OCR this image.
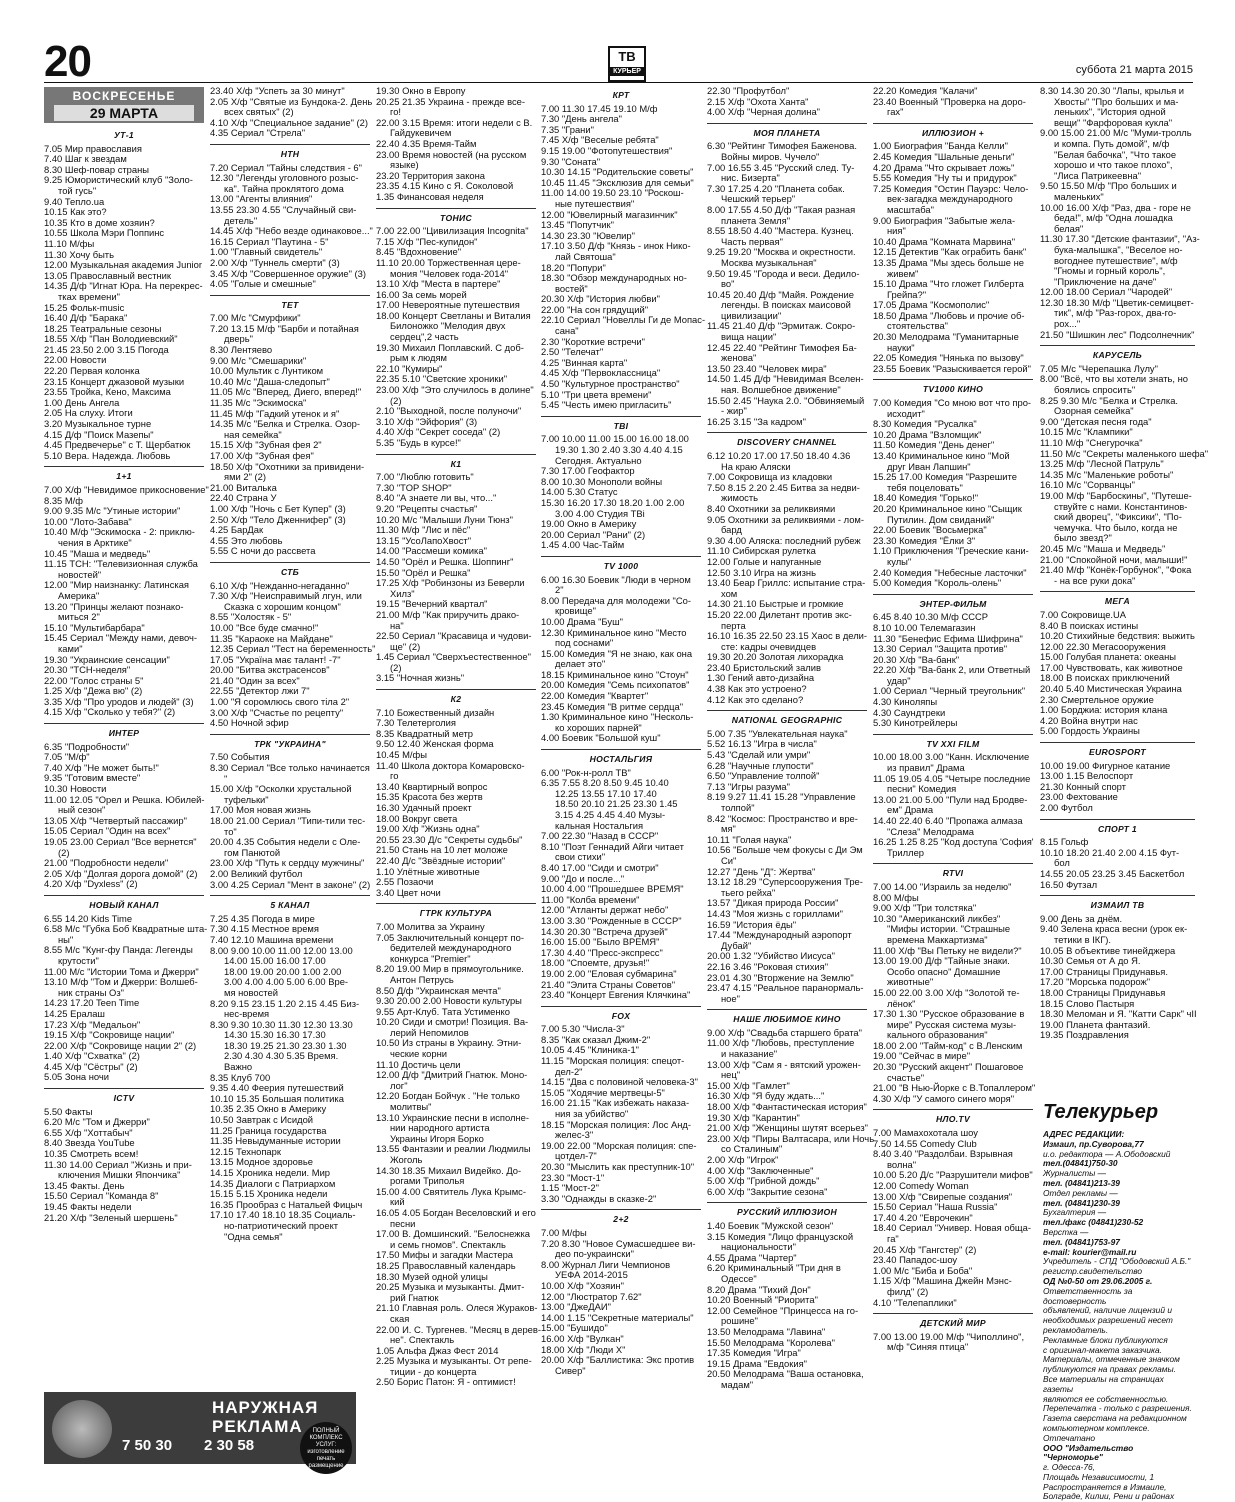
20	ТВ
КУРЬЕР	суббота 21 марта 2015
ВОСКРЕСЕНЬЕ
29 МАРТА
УТ-1
7.05 Мир православия
7.40 Шаг к звездам
8.30 Шеф-повар страны
9.25 Юмористический клуб "Золо-
той гусь"
9.40 Тепло.ua
10.15 Как это?
10.35 Кто в доме хозяин?
10.55 Школа Мэри Поппинс
11.10 М/фы
11.30 Хочу быть
12.00 Музыкальная академия Junior
13.05 Православный вестник
14.35 Д/ф "Игнат Юра. На перекрес-
тках времени"
15.25 Фольк-music
16.40 Д/ф "Барака"
18.25 Театральные сезоны
18.55 Х/ф "Пан Володиевский"
21.45 23.50 2.00 3.15 Погода
22.00 Новости
22.20 Первая колонка
23.15 Концерт джазовой музыки
23.55 Тройка, Кено, Максима
1.00 День Ангела
2.05 На слуху. Итоги
3.20 Музыкальное турне
4.15 Д/ф "Поиск Мазепы"
4.45 Предвечерье" с Т. Щербатюк
5.10 Вера. Надежда. Любовь
1+1
7.00 Х/ф "Невидимое прикосновение"
8.35 М/ф
9.00 9.35 М/с "Утиные истории"
10.00 "Лото-Забава"
10.40 М/ф "Эскимоска - 2: приклю-
чения в Арктике"
10.45 "Маша и медведь"
11.15 ТСН: "Телевизионная служба
новостей"
12.00 "Мир наизнанку: Латинская
Америка"
13.20 "Принцы желают познако-
миться 2"
15.10 "Мультибарбара"
15.45 Сериал "Между нами, девоч-
ками"
19.30 "Украинские сенсации"
20.30 "ТСН-неделя"
22.00 "Голос страны 5"
1.25 Х/ф "Дежа вю" (2)
3.35 Х/ф "Про уродов и людей" (3)
4.15 Х/ф "Сколько у тебя?" (2)
ИНТЕР
6.35 "Подробности"
7.05 "М/ф"
7.40 Х/ф "Не может быть!"
9.35 "Готовим вместе"
10.30 Новости
11.00 12.05 "Орел и Решка. Юбилей-
ный сезон"
13.05 Х/ф "Четвертый пассажир"
15.05 Сериал "Один на всех"
19.05 23.00 Сериал "Все вернется"
(2)
21.00 "Подробности недели"
2.05 Х/ф "Долгая дорога домой" (2)
4.20 Х/ф "Dyxless" (2)
НОВЫЙ КАНАЛ
6.55 14.20 Kids Time
6.58 М/с "Губка Боб Квадратные шта-
ны"
8.55 М/с "Кунг-фу Панда: Легенды
крутости"
11.00 М/с "Истории Тома и Джерри"
13.10 М/ф "Том и Джерри: Волшеб-
ник страны Оз"
14.23 17.20 Teen Time
14.25 Ералаш
17.23 Х/ф "Медальон"
19.15 Х/ф "Сокровище нации"
22.00 Х/ф "Сокровище нации 2" (2)
1.40 Х/ф "Схватка" (2)
4.45 Х/ф "Сёстры" (2)
5.05 Зона ночи
ICTV
5.50 Факты
6.20 М/с "Том и Джерри"
6.55 Х/ф "Хоттабыч"
8.40 Звезда YouTube
10.35 Смотреть всем!
11.30 14.00 Сериал "Жизнь и при-
ключения Мишки Япончика"
13.45 Факты. День
15.50 Сериал "Команда 8"
19.45 Факты недели
21.20 Х/ф "Зеленый шершень"
23.40 Х/ф "Успеть за 30 минут"
2.05 Х/ф "Святые из Бундока-2. День
всех святых" (2)
4.10 Х/ф "Специальное задание" (2)
4.35 Сериал "Стрела"
НТН
7.20 Сериал "Тайны следствия - 6"
12.30 "Легенды уголовного розыс-
ка". Тайна проклятого дома
13.00 "Агенты влияния"
13.55 23.30 4.55 "Случайный сви-
детель"
14.45 Х/ф "Небо везде одинаковое..."
16.15 Сериал "Паутина - 5"
1.00 "Главный свидетель"
2.00 Х/ф "Туннель смерти" (3)
3.45 Х/ф "Совершенное оружие" (3)
4.05 "Голые и смешные"
ТЕТ
7.00 М/с "Смурфики"
7.20 13.15 М/ф "Барби и потайная
дверь"
8.30 Лентяево
9.00 М/с "Смешарики"
10.00 Мультик с Лунтиком
10.40 М/с "Даша-следопыт"
11.05 М/с "Вперед, Диего, вперед!"
11.35 М/с "Эскимоска"
11.45 М/ф "Гадкий утенок и я"
14.35 М/с "Белка и Стрелка. Озор-
ная семейка"
15.15 Х/ф "Зубная фея 2"
17.00 Х/ф "Зубная фея"
18.50 Х/ф "Охотники за привидени-
ями 2" (2)
21.00 Виталька
22.40 Страна У
1.00 Х/ф "Ночь с Бет Купер" (3)
2.50 Х/ф "Тело Дженнифер" (3)
4.25 БарДак
4.55 Это любовь
5.55 С ночи до рассвета
СТБ
6.10 Х/ф "Нежданно-негаданно"
7.30 Х/ф "Неисправимый лгун, или
Сказка с хорошим концом"
8.55 "Холостяк - 5"
10.00 "Все буде смачно!"
11.35 "Караоке на Майдане"
12.35 Сериал "Тест на беременность"
17.05 "Україна має талант! -7"
20.00 "Битва экстрасенсов"
21.40 "Один за всех"
22.55 "Детектор лжи 7"
1.00 "Я соромлюсь свого тіла 2"
3.00 Х/ф "Счастье по рецепту"
4.50 Ночной эфир
ТРК "УКРАИНА"
7.50 События
8.30 Сериал "Все только начинается
"
15.00 Х/ф "Осколки хрустальной
туфельки"
17.00 Моя новая жизнь
18.00 21.00 Сериал "Типи-тили тес-
то"
20.00 4.35 События недели с Оле-
гом Панютой
23.00 Х/ф "Путь к сердцу мужчины"
2.00 Великий футбол
3.00 4.25 Сериал "Мент в законе" (2)
5 КАНАЛ
7.25 4.35 Погода в мире
7.30 4.15 Местное время
7.40 12.10 Машина времени
8.00 9.00 10.00 11.00 12.00 13.00
14.00 15.00 16.00 17.00
18.00 19.00 20.00 1.00 2.00
3.00 4.00 4.00 5.00 6.00 Вре-
мя новостей
8.20 9.15 23.15 1.20 2.15 4.45 Биз-
нес-время
8.30 9.30 10.30 11.30 12.30 13.30
14.30 15.30 16.30 17.30
18.30 19.25 21.30 23.30 1.30
2.30 4.30 4.30 5.35 Время.
Важно
8.35 Клуб 700
9.35 4.40 Феерия путешествий
10.10 15.35 Большая политика
10.35 2.35 Окно в Америку
10.50 Завтрак с Исидой
11.25 Граница государства
11.35 Невыдуманные истории
12.15 Технопарк
13.15 Модное здоровье
14.15 Хроника недели. Мир
14.35 Диалоги с Патриархом
15.15 5.15 Хроника недели
16.35 Прообраз с Натальей Фицыч
17.10 17.40 18.10 18.35 Социаль-
но-патриотический проект
"Одна семья"
19.30 Окно в Европу
20.25 21.35 Украина - прежде все-
го!
22.00 3.15 Время: итоги недели с В.
Гайдукевичем
22.40 4.35 Время-Тайм
23.00 Время новостей (на русском
языке)
23.20 Территория закона
23.35 4.15 Кино с Я. Соколовой
1.35 Финансовая неделя
ТОНИС
7.00 22.00 "Цивилизация Incognita"
7.15 Х/ф "Пес-купидон"
8.45 "Вдохновение"
11.10 20.00 Торжественная цере-
мония "Человек года-2014"
13.10 Х/ф "Места в партере"
16.00 За семь морей
17.00 Невероятные путешествия
18.00 Концерт Светланы и Виталия
Билоножко "Мелодия двух
сердец",2 часть
19.30 Михаил Поплавский. С доб-
рым к людям
22.10 "Кумиры"
22.35 5.10 "Светские хроники"
23.00 Х/ф "Это случилось в долине"
(2)
2.10 "Выходной, после полуночи"
3.10 Х/ф "Эйфория" (3)
4.40 Х/ф "Секрет соседа" (2)
5.35 "Будь в курсе!"
К1
7.00 "Люблю готовить"
7.30 "TOP SHOP"
8.40 "А знаете ли вы, что..."
9.20 "Рецепты счастья"
10.20 М/с "Малыши Луни Тюнз"
11.30 М/ф "Лис и пёс"
13.15 "УсоЛапоХвост"
14.00 "Рассмеши комика"
14.50 "Орёл и Решка. Шоппинг"
15.50 "Орёл и Решка"
17.25 Х/ф "Робинзоны из Беверли
Хилз"
19.15 "Вечерний квартал"
21.00 М/ф "Как приручить драко-
на"
22.50 Сериал "Красавица и чудови-
ще" (2)
1.45 Сериал "Сверхъестественное"
(2)
3.15 "Ночная жизнь"
К2
7.10 Божественный дизайн
7.30 Телетерголия
8.35 Квадратный метр
9.50 12.40 Женская форма
10.45 М/фы
11.40 Школа доктора Комаровско-
го
13.40 Квартирный вопрос
15.35 Красота без жертв
16.30 Удачный проект
18.00 Вокруг света
19.00 Х/ф "Жизнь одна"
20.55 23.30 Д/с "Секреты судьбы"
21.50 Стань на 10 лет моложе
22.40 Д/с "Звёздные истории"
1.10 Улётные животные
2.55 Позаочи
3.40 Цвет ночи
ГТРК КУЛЬТУРА
7.00 Молитва за Украину
7.05 Заключительный концерт по-
бедителей международного
конкурса "Premier"
8.20 19.00 Мир в прямоугольнике.
Антон Петрусь
8.50 Д/ф "Украинская мечта"
9.30 20.00 2.00 Новости культуры
9.55 Арт-Клуб. Тата Устименко
10.20 Сиди и смотри! Позиция. Ва-
лерий Непомилов
10.50 Из страны в Украину. Этни-
ческие корни
11.10 Достичь цели
12.00 Д/ф "Дмитрий Гнатюк. Моно-
лог"
12.20 Богдан Бойчук . "Не только
молитвы"
13.10 Украинские песни в исполне-
нии народного артиста
Украины Игоря Борко
13.55 Фантазии и реалии Людмилы
Жоголь
14.30 18.35 Михаил Видейко. До-
рогами Триполья
15.00 4.00 Святитель Лука Крымс-
кий
16.05 4.05 Богдан Веселовский и его
песни
17.00 В. Домшинский. "Белоснежка
и семь гномов". Спектакль
17.50 Мифы и загадки Мастера
18.25 Православный календарь
18.30 Музей одной улицы
20.25 Музыка и музыканты. Дмит-
рий Гнатюк
21.10 Главная роль. Олеся Жураков-
ская
22.00 И. С. Тургенев. "Месяц в дерев-
не". Спектакль
1.05 Альфа Джаз Фест 2014
2.25 Музыка и музыканты. От репе-
тиции - до концерта
2.50 Борис Патон: Я - оптимист!
КРТ
7.00 11.30 17.45 19.10 М/ф
7.30 "День ангела"
7.35 "Грани"
7.45 Х/ф "Веселые ребята"
9.15 19.00 "Фотопутешествия"
9.30 "Соната"
10.30 14.15 "Родительские советы"
10.45 11.45 "Эксклюзив для семьи"
11.00 14.00 19.50 23.10 "Роскош-
ные путешествия"
12.00 "Ювелирный магазинчик"
13.45 "Попутчик"
14.30 23.30 "Ювелир"
17.10 3.50 Д/ф "Князь - инок Нико-
лай Святоша"
18.20 "Попури"
18.30 "Обзор международных но-
востей"
20.30 Х/ф "История любви"
22.00 "На сон грядущий"
22.10 Сериал "Новеллы Ги де Мопас-
сана"
2.30 "Короткие встречи"
2.50 "Телечат"
4.25 "Винная карта"
4.45 Х/ф "Первоклассница"
4.50 "Культурное пространство"
5.10 "Три цвета времени"
5.45 "Честь имею пригласить"
TBI
7.00 10.00 11.00 15.00 16.00 18.00
19.30 1.30 2.40 3.30 4.40 4.15
Сегодня. Актуально
7.30 17.00 Геофактор
8.00 10.30 Монополи войны
14.00 5.30 Статус
15.30 16.20 17.30 18.20 1.00 2.00
3.00 4.00 Студия TBi
19.00 Окно в Америку
20.00 Сериал "Рани" (2)
1.45 4.00 Час-Тайм
TV 1000
6.00 16.30 Боевик "Люди в черном
2"
8.00 Передача для молодежи "Со-
кровище"
10.00 Драма "Буш"
12.30 Криминальное кино "Место
под соснами"
15.00 Комедия "Я не знаю, как она
делает это"
18.15 Криминальное кино "Стоун"
20.00 Комедия "Семь психопатов"
22.00 Комедия "Квартет"
23.45 Комедия "В ритме сердца"
1.30 Криминальное кино "Несколь-
ко хороших парней"
4.00 Боевик "Большой куш"
НОСТАЛЬГИЯ
6.00 "Рок-н-ролл ТВ"
6.35 7.55 8.20 8.50 9.45 10.40
12.25 13.55 17.10 17.40
18.50 20.10 21.25 23.30 1.45
3.15 4.25 4.45 4.40 Музы-
кальная Ностальгия
7.00 22.30 "Назад в СССР"
8.10 "Поэт Геннадий Айги читает
свои стихи"
8.40 17.00 "Сиди и смотри"
9.00 "До и после..."
10.00 4.00 "Прошедшее ВРЕМЯ"
11.00 "Колба времени"
12.00 "Атланты держат небо"
13.00 3.30 "Рожденные в СССР"
14.30 20.30 "Встреча друзей"
16.00 15.00 "Было ВРЕМЯ"
17.30 4.40 "Пресс-экспресс"
18.00 "Споемте, друзья!"
19.00 2.00 "Еловая субмарина"
21.40 "Элита Страны Советов"
23.40 "Концерт Евгения Клячкина"
FOX
7.00 5.30 "Числа-3"
8.35 "Как сказал Джим-2"
10.05 4.45 "Клиника-1"
11.15 "Морская полиция: спецот-
дел-2"
14.15 "Два с половиной человека-3"
15.05 "Ходячие мертвецы-5"
16.00 21.15 "Как избежать наказа-
ния за убийство"
18.15 "Морская полиция: Лос Анд-
желес-3"
19.00 22.00 "Морская полиция: спе-
цотдел-7"
20.30 "Мыслить как преступник-10"
23.30 "Мост-1"
1.15 "Мост-2"
3.30 "Однажды в сказке-2"
2+2
7.00 М/фы
7.20 8.30 "Новое Сумасшедшее ви-
део по-украински"
8.00 Журнал Лиги Чемпионов
УЕФА 2014-2015
10.00 Х/ф "Хозяин"
12.00 "Люстратор 7.62"
13.00 "ДжеДАИ"
14.00 1.15 "Секретные материалы"
15.00 "Бушидо"
16.00 Х/ф "Вулкан"
18.00 Х/ф "Люди Х"
20.00 Х/ф "Баллистика: Экс против
Сивер"
22.30 "Профутбол"
2.15 Х/ф "Охота Ханта"
4.00 Х/ф "Черная долина"
МОЯ ПЛАНЕТА
6.30 "Рейтинг Тимофея Баженова.
Войны миров. Чучело"
7.00 16.55 3.45 "Русский след. Ту-
нис. Бизерта"
7.30 17.25 4.20 "Планета собак.
Чешский терьер"
8.00 17.55 4.50 Д/ф "Такая разная
планета Земля"
8.55 18.50 4.40 "Мастера. Кузнец.
Часть первая"
9.25 19.20 "Москва и окрестности.
Москва музыкальная"
9.50 19.45 "Города и веси. Дедило-
во"
10.45 20.40 Д/ф "Майя. Рождение
легенды. В поисках маисовой
цивилизации"
11.45 21.40 Д/ф "Эрмитаж. Сокро-
вища нации"
12.45 22.40 "Рейтинг Тимофея Ба-
женова"
13.50 23.40 "Человек мира"
14.50 1.45 Д/ф "Невидимая Вселен-
ная. Волшебное движение"
15.50 2.45 "Наука 2.0. "Обвиняемый
- жир"
16.25 3.15 "За кадром"
DISCOVERY CHANNEL
6.12 10.20 17.00 17.50 18.40 4.36
На краю Аляски
7.00 Сокровища из кладовки
7.50 8.15 2.20 2.45 Битва за недви-
жимость
8.40 Охотники за реликвиями
9.05 Охотники за реликвиями - лом-
бард
9.30 4.00 Аляска: последний рубеж
11.10 Сибирская рулетка
12.00 Голые и напуганные
12.50 3.10 Игра на жизнь
13.40 Беар Гриллс: испытание стра-
хом
14.30 21.10 Быстрые и громкие
15.20 22.00 Дилетант против экс-
перта
16.10 16.35 22.50 23.15 Хаос в дели-
сте: кадры очевидцев
19.30 20.20 Золотая лихорадка
23.40 Бристольский залив
1.30 Гений авто-дизайна
4.38 Как это устроено?
4.12 Как это сделано?
NATIONAL GEOGRAPHIC
5.00 7.35 "Увлекательная наука"
5.52 16.13 "Игра в числа"
5.43 "Сделай или умри"
6.28 "Научные глупости"
6.50 "Управление толпой"
7.13 "Игры разума"
8.19 9.27 11.41 15.28 "Управление
толпой"
8.42 "Космос: Пространство и вре-
мя"
10.11 "Голая наука"
10.56 "Больше чем фокусы с Ди Эм
Си"
12.27 "День "Д": Жертва"
13.12 18.29 "Суперсооружения Тре-
тьего рейха"
13.57 "Дикая природа России"
14.43 "Моя жизнь с гориллами"
16.59 "История ёды"
17.44 "Международный аэропорт
Дубай"
20.00 1.32 "Убийство Иисуса"
22.16 3.46 "Роковая стихия"
23.01 4.30 "Вторжение на Землю"
23.47 4.15 "Реальное паранормаль-
ное"
НАШЕ ЛЮБИМОЕ КИНО
9.00 Х/ф "Свадьба старшего брата"
11.00 Х/ф "Любовь, преступление
и наказание"
13.00 Х/ф "Сам я - вятский урожен-
нец"
15.00 Х/ф "Гамлет"
16.30 Х/ф "Я буду ждать..."
18.00 Х/ф "Фантастическая история"
19.30 Х/ф "Карантин"
21.00 Х/ф "Женщины шутят всерьез"
23.00 Х/ф "Пиры Валтасара, или Ночь
со Сталиным"
2.00 Х/ф "Игрок"
4.00 Х/ф "Заключенные"
5.00 Х/ф "Грибной дождь"
6.00 Х/ф "Закрытие сезона"
РУССКИЙ ИЛЛЮЗИОН
1.40 Боевик "Мужской сезон"
3.15 Комедия "Лицо французской
национальности"
4.55 Драма "Чартер"
6.20 Криминальный "Три дня в
Одессе"
8.20 Драма "Тихий Дон"
10.20 Военный "Риорита"
12.00 Семейное "Принцесса на го-
рошине"
13.50 Мелодрама "Лавина"
15.50 Мелодрама "Королева"
17.35 Комедия "Игра"
19.15 Драма "Евдокия"
20.50 Мелодрама "Ваша остановка,
мадам"
22.20 Комедия "Калачи"
23.40 Военный "Проверка на доро-
гах"
ИЛЛЮЗИОН +
1.00 Биография "Банда Келли"
2.45 Комедия "Шальные деньги"
4.20 Драма "Что скрывает ложь"
5.55 Комедия "Ну ты и придурок"
7.25 Комедия "Остин Пауэрс: Чело-
век-загадка международного
масштаба"
9.00 Биография "Забытые жела-
ния"
10.40 Драма "Комната Марвина"
12.15 Детектив "Как ограбить банк"
13.35 Драма "Мы здесь больше не
живем"
15.10 Драма "Что гложет Гилберта
Грейпа?"
17.05 Драма "Космополис"
18.50 Драма "Любовь и прочие об-
стоятельства"
20.30 Мелодрама "Гуманитарные
науки"
22.05 Комедия "Нянька по вызову"
23.55 Боевик "Разыскивается герой"
TV1000 КИНО
7.00 Комедия "Со мною вот что про-
исходит"
8.30 Комедия "Русалка"
10.20 Драма "Взломщик"
11.50 Комедия "День денег"
13.40 Криминальное кино "Мой
друг Иван Лапшин"
15.25 17.00 Комедия "Разрешите
тебя поцеловать"
18.40 Комедия "Горько!"
20.20 Криминальное кино "Сыщик
Путилин. Дом свиданий"
22.00 Боевик "Восьмерка"
23.30 Комедия "Ёлки 3"
1.10 Приключения "Греческие кани-
кулы"
2.40 Комедия "Небесные ласточки"
5.00 Комедия "Король-олень"
ЭНТЕР-ФИЛЬМ
6.45 8.40 10.30 М/ф СССР
8.10 10.00 Телемагазин
11.30 "Бенефис Ефима Шифрина"
13.30 Сериал "Защита против"
20.30 Х/ф "Ва-банк"
22.20 Х/ф "Ва-банк 2, или Ответный
удар"
1.00 Сериал "Черный треугольник"
4.30 Киноляпы
4.30 Саундтреки
5.30 Кинотрейлеры
TV XXI FILM
10.00 18.00 3.00 "Канн. Исключение
из правил" Драма
11.05 19.05 4.05 "Четыре последние
песни" Комедия
13.00 21.00 5.00 "Пули над Бродве-
ем" Драма
14.40 22.40 6.40 "Пропажа алмаза
"Слеза" Мелодрама
16.25 1.25 8.25 "Код доступа 'София'
Триллер
RTVI
7.00 14.00 "Израиль за неделю"
8.00 М/фы
9.00 Х/ф "Три толстяка"
10.30 "Американский ликбез"
"Мифы истории. "Страшные
времена Маккартизма"
11.00 Х/ф "Вы Петьку не видели?"
13.00 19.00 Д/ф "Тайные знаки.
Особо опасно" Домашние
животные"
15.00 22.00 3.00 Х/ф "Золотой те-
лёнок"
17.30 1.30 "Русское образование в
мире" Русская система музы-
кального образования"
18.00 2.00 "Тайм-код" с В.Ленским
19.00 "Сейчас в мире"
20.30 "Русский акцент" Пошаговое
счастье"
21.00 "В Нью-Йорке с В.Топаллером"
4.30 Х/ф "У самого синего моря"
НЛО.TV
7.00 Мамахохотала шоу
7.50 14.55 Comedy Club
8.40 3.40 "Раздолбаи. Взрывная
волна"
10.00 5.20 Д/с "Разрушители мифов"
12.00 Comedy Woman
13.00 Х/ф "Свирепые создания"
15.50 Сериал "Наша Russia"
17.40 4.20 "Еврочекин"
18.40 Сериал "Универ. Новая обща-
га"
20.45 Х/ф "Гангстер" (2)
23.40 Пападос-шоу
1.00 М/с "Биба и Боба"
1.15 Х/ф "Машина Джейн Мэнс-
филд" (2)
4.10 "Телепаплики"
ДЕТСКИЙ МИР
7.00 13.00 19.00 М/ф "Чиполлино",
м/ф "Синяя птица"
8.30 14.30 20.30 "Лапы, крылья и
Хвосты" "Про больших и ма-
леньких", "История одной
вещи" "Фарфоровая кукла"
9.00 15.00 21.00 М/с "Муми-тролль
и компа. Путь домой", м/ф
"Белая бабочка", "Что такое
хорошо и что такое плохо",
"Лиса Патрикеевна"
9.50 15.50 М/ф "Про больших и
маленьких"
10.00 16.00 Х/ф "Раз, два - горе не
беда!", м/ф "Одна лошадка
белая"
11.30 17.30 "Детские фантазии", "Аз-
бука-малышка", "Веселое но-
вогоднее путешествие", м/ф
"Гномы и горный король",
"Приключение на даче"
12.00 18.00 Сериал "Чародей"
12.30 18.30 М/ф "Цветик-семицвет-
тик", м/ф "Раз-горох, два-го-
рох..."
21.50 "Шишкин лес" Подсолнечник"
КАРУСЕЛЬ
7.05 М/с "Черепашка Лулу"
8.00 "Всё, что вы хотели знать, но
боялись спросить"
8.25 9.30 М/с "Белка и Стрелка.
Озорная семейка"
9.00 "Детская песня года"
10.15 М/с "Клампики"
11.10 М/ф "Снегурочка"
11.50 М/с "Секреты маленького шефа"
13.25 М/ф "Лесной Патруль"
14.35 М/с "Маленькие роботы"
16.10 М/с "Сорванцы"
19.00 М/ф "Барбоскины", "Путеше-
ствуйте с нами. Константинов-
ский дворец", "Фиксики", "По-
чемучка. Что было, когда не
было звезд?"
20.45 М/с "Маша и Медведь"
21.00 "Спокойной ночи, малыши!"
21.40 М/ф "Конёк-Горбунок", "Фока
- на все руки дока"
МЕГА
7.00 Сокровище.UA
8.40 В поисках истины
10.20 Стихийные бедствия: выжить
12.00 22.30 Мегасооружения
15.00 Голубая планета: океаны
17.00 Чувствовать, как животное
18.00 В поисках приключений
20.40 5.40 Мистическая Украина
2.30 Смертельное оружие
1.00 Борджиа: история клана
4.20 Война внутри нас
5.00 Гордость Украины
EUROSPORT
10.00 19.00 Фигурное катание
13.00 1.15 Велоспорт
21.30 Конный спорт
23.00 Фехтование
2.00 Футбол
СПОРТ 1
8.15 Гольф
10.10 18.20 21.40 2.00 4.15 Фут-
бол
14.55 20.05 23.25 3.45 Баскетбол
16.50 Футзал
ИЗМАИЛ ТВ
9.00 День за днём.
9.40 Зелена краса весни (урок ек-
тетики в ІКГ).
10.05 В объективе тинейджера
10.30 Семья от А до Я.
17.00 Страницы Придунавья.
17.20 "Морська подорож"
18.00 Страницы Придунавья
18.15 Слово Пастыря
18.30 Меломан и Я. "Катти Сарк" чII
19.00 Планета фантазий.
19.35 Поздравления
НАРУЖНАЯ
РЕКЛАМА
7 50 30 2 30 58
ПОЛНЫЙ
КОМПЛЕКС
УСЛУГ:
изготовление
печать
размещение
Телекурьер
АДРЕС РЕДАКЦИИ:
Измаил, пр.Суворова,77
и.о. редактора — А.Ободовский
тел.(04841)750-30
Журналисты —
тел. (04841)213-39
Отдел рекламы —
тел. (04841)230-39
Бухгалтерия —
тел./факс (04841)230-52
Верстка —
тел. (04841)753-97
e-mail: kourier@mail.ru
Учредитель - СПД "Ободовский А.Б."
регистр.свидетельство
ОД №0-50 от 29.06.2005 г.
Ответственность за достоверность
объявлений, наличие лицензий и
необходимых разрешений несет
рекламодатель.
Рекламные блоки публикуются
с оригинал-макета заказчика.
Материалы, отмеченные значком
публикуются на правах рекламы.
Все материалы на страницах газеты
являются ее собственностью.
Перепечатка - только с разрешения.
Газета сверстана на редакционном
компьютерном комплексе.
Отпечатано
ООО "Издательство "Черноморье"
г. Одесса-76,
Площадь Независимости, 1
Распространяется в Измаиле,
Болграде, Килии, Рени и районах
